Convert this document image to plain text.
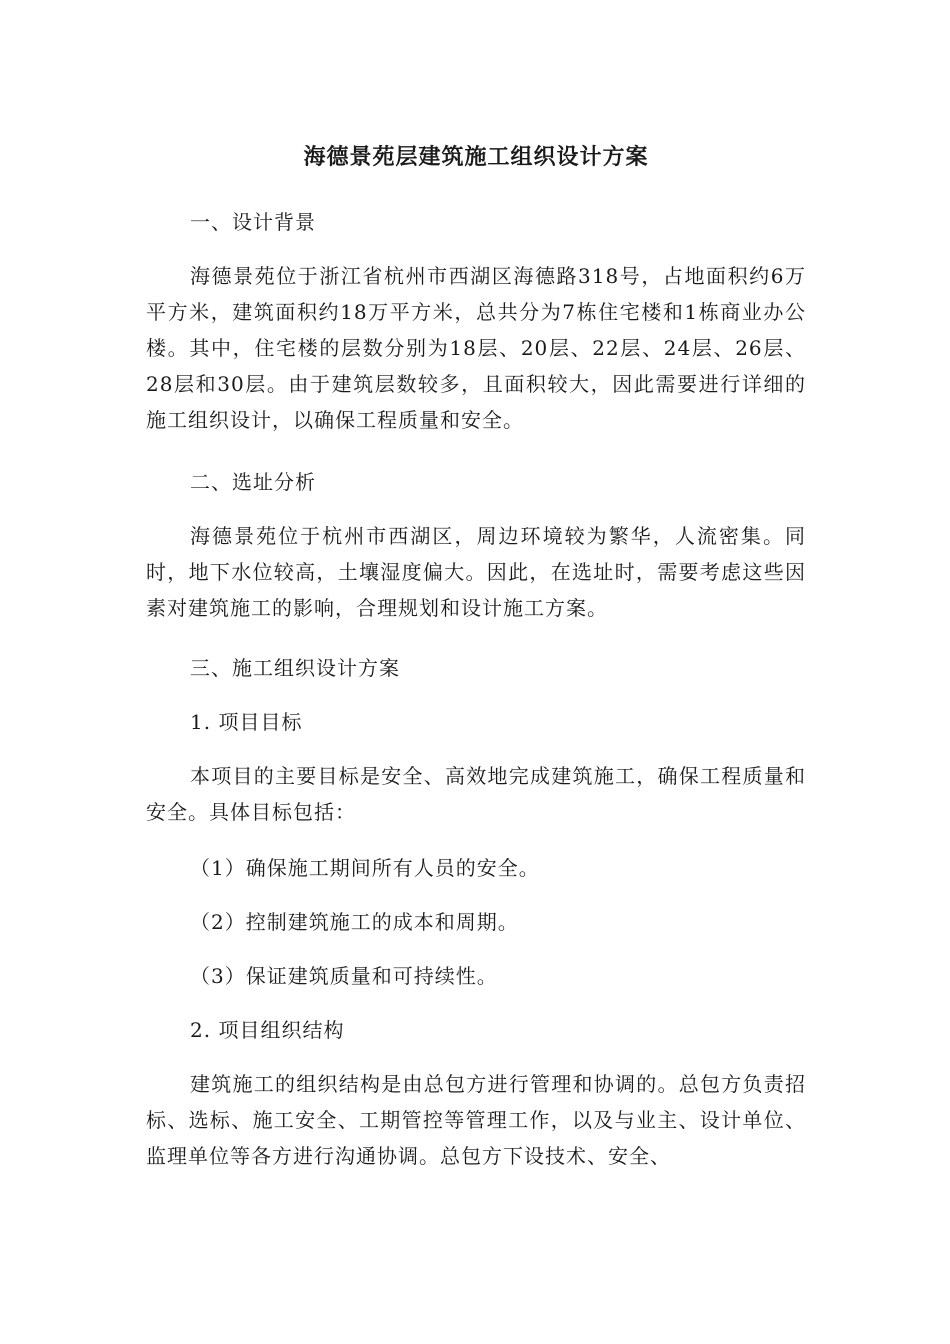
海德景苑层建筑施工组织设计方案

一、设计背景

海德景苑位于浙江省杭州市西湖区海德路318号，占地面积约6万平方米，建筑面积约18万平方米，总共分为7栋住宅楼和1栋商业办公楼。其中，住宅楼的层数分别为18层、20层、22层、24层、26层、28层和30层。由于建筑层数较多，且面积较大，因此需要进行详细的施工组织设计，以确保工程质量和安全。

二、选址分析

海德景苑位于杭州市西湖区，周边环境较为繁华，人流密集。同时，地下水位较高，土壤湿度偏大。因此，在选址时，需要考虑这些因素对建筑施工的影响，合理规划和设计施工方案。

三、施工组织设计方案

1. 项目目标

本项目的主要目标是安全、高效地完成建筑施工，确保工程质量和安全。具体目标包括：

（1）确保施工期间所有人员的安全。

（2）控制建筑施工的成本和周期。

（3）保证建筑质量和可持续性。

2. 项目组织结构

建筑施工的组织结构是由总包方进行管理和协调的。总包方负责招标、选标、施工安全、工期管控等管理工作，以及与业主、设计单位、监理单位等各方进行沟通协调。总包方下设技术、安全、
